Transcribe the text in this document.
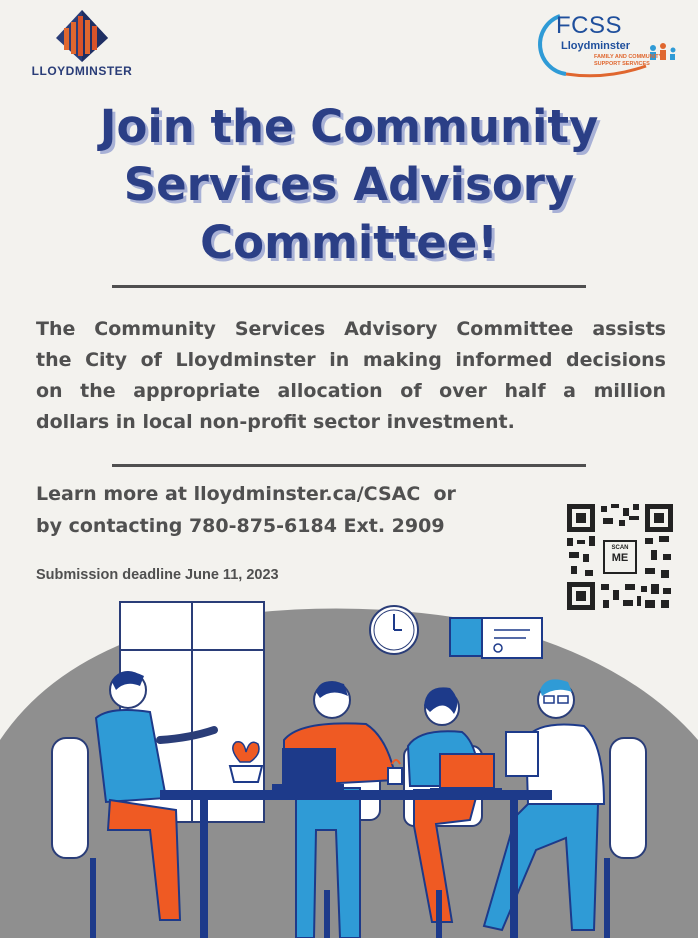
LLOYDMINSTER
FCSS
Lloydminster
FAMILY AND COMMUNITY SUPPORT SERVICES
Join the Community
Services Advisory
Committee!
The Community Services Advisory Committee assists
the City of Lloydminster in making informed decisions
on the appropriate allocation of over half a million
dollars in local non-profit sector investment.
Learn more at lloydminster.ca/CSAC  or
by contacting 780-875-6184 Ext. 2909
Submission deadline June 11, 2023
SCAN
ME
